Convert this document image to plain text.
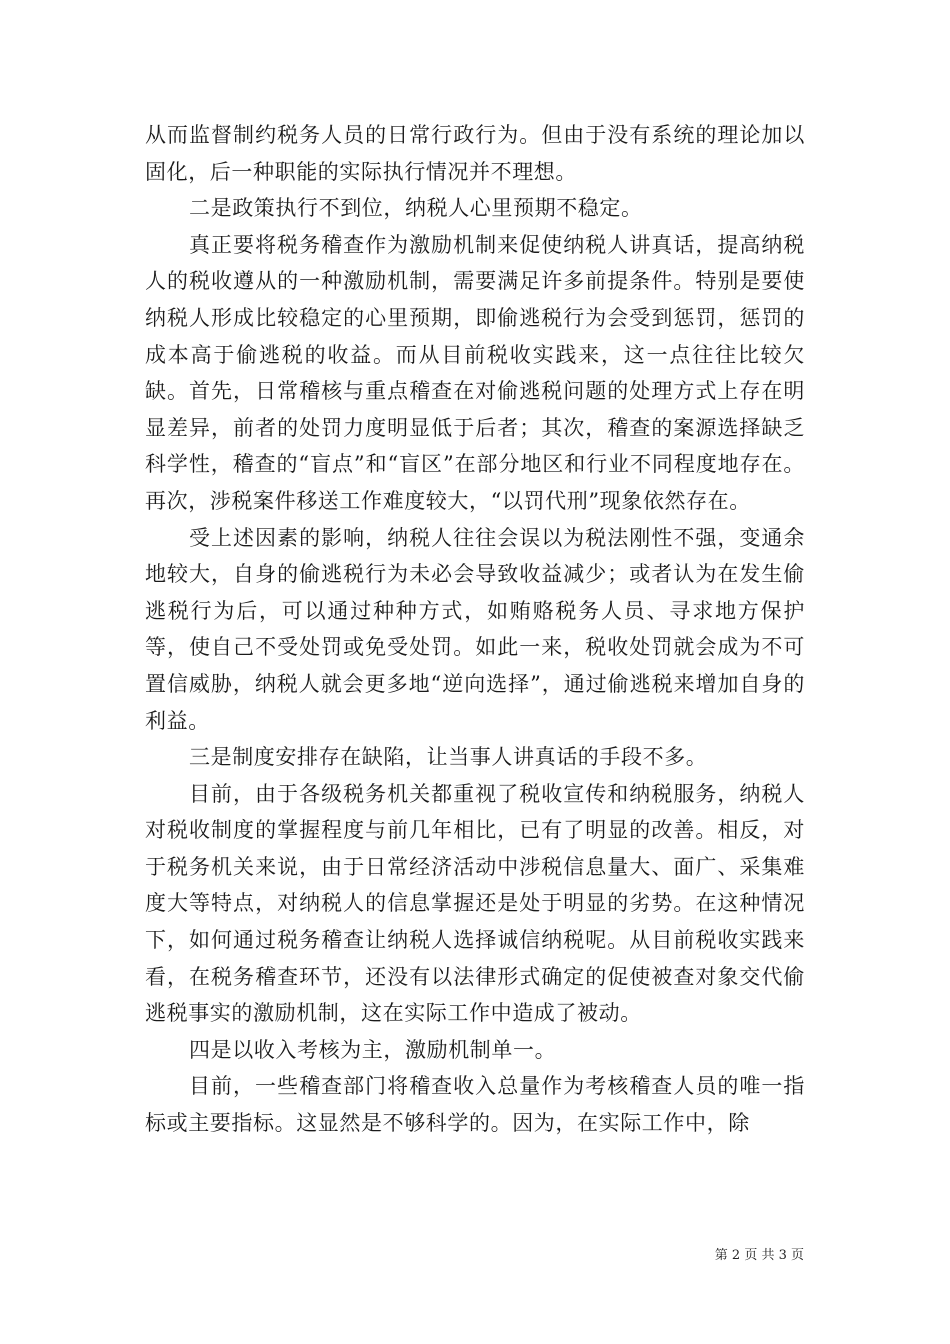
从而监督制约税务人员的日常行政行为。但由于没有系统的理论加以固化，后一种职能的实际执行情况并不理想。

二是政策执行不到位，纳税人心里预期不稳定。

真正要将税务稽查作为激励机制来促使纳税人讲真话，提高纳税人的税收遵从的一种激励机制，需要满足许多前提条件。特别是要使纳税人形成比较稳定的心里预期，即偷逃税行为会受到惩罚，惩罚的成本高于偷逃税的收益。而从目前税收实践来，这一点往往比较欠缺。首先，日常稽核与重点稽查在对偷逃税问题的处理方式上存在明显差异，前者的处罚力度明显低于后者；其次，稽查的案源选择缺乏科学性，稽查的“盲点”和“盲区”在部分地区和行业不同程度地存在。再次，涉税案件移送工作难度较大，“以罚代刑”现象依然存在。

受上述因素的影响，纳税人往往会误以为税法刚性不强，变通余地较大，自身的偷逃税行为未必会导致收益减少；或者认为在发生偷逃税行为后，可以通过种种方式，如贿赂税务人员、寻求地方保护等，使自己不受处罚或免受处罚。如此一来，税收处罚就会成为不可置信威胁，纳税人就会更多地“逆向选择”，通过偷逃税来增加自身的利益。

三是制度安排存在缺陷，让当事人讲真话的手段不多。

目前，由于各级税务机关都重视了税收宣传和纳税服务，纳税人对税收制度的掌握程度与前几年相比，已有了明显的改善。相反，对于税务机关来说，由于日常经济活动中涉税信息量大、面广、采集难度大等特点，对纳税人的信息掌握还是处于明显的劣势。在这种情况下，如何通过税务稽查让纳税人选择诚信纳税呢。从目前税收实践来看，在税务稽查环节，还没有以法律形式确定的促使被查对象交代偷逃税事实的激励机制，这在实际工作中造成了被动。

四是以收入考核为主，激励机制单一。

目前，一些稽查部门将稽查收入总量作为考核稽查人员的唯一指标或主要指标。这显然是不够科学的。因为，在实际工作中，除

第 2 页 共 3 页
